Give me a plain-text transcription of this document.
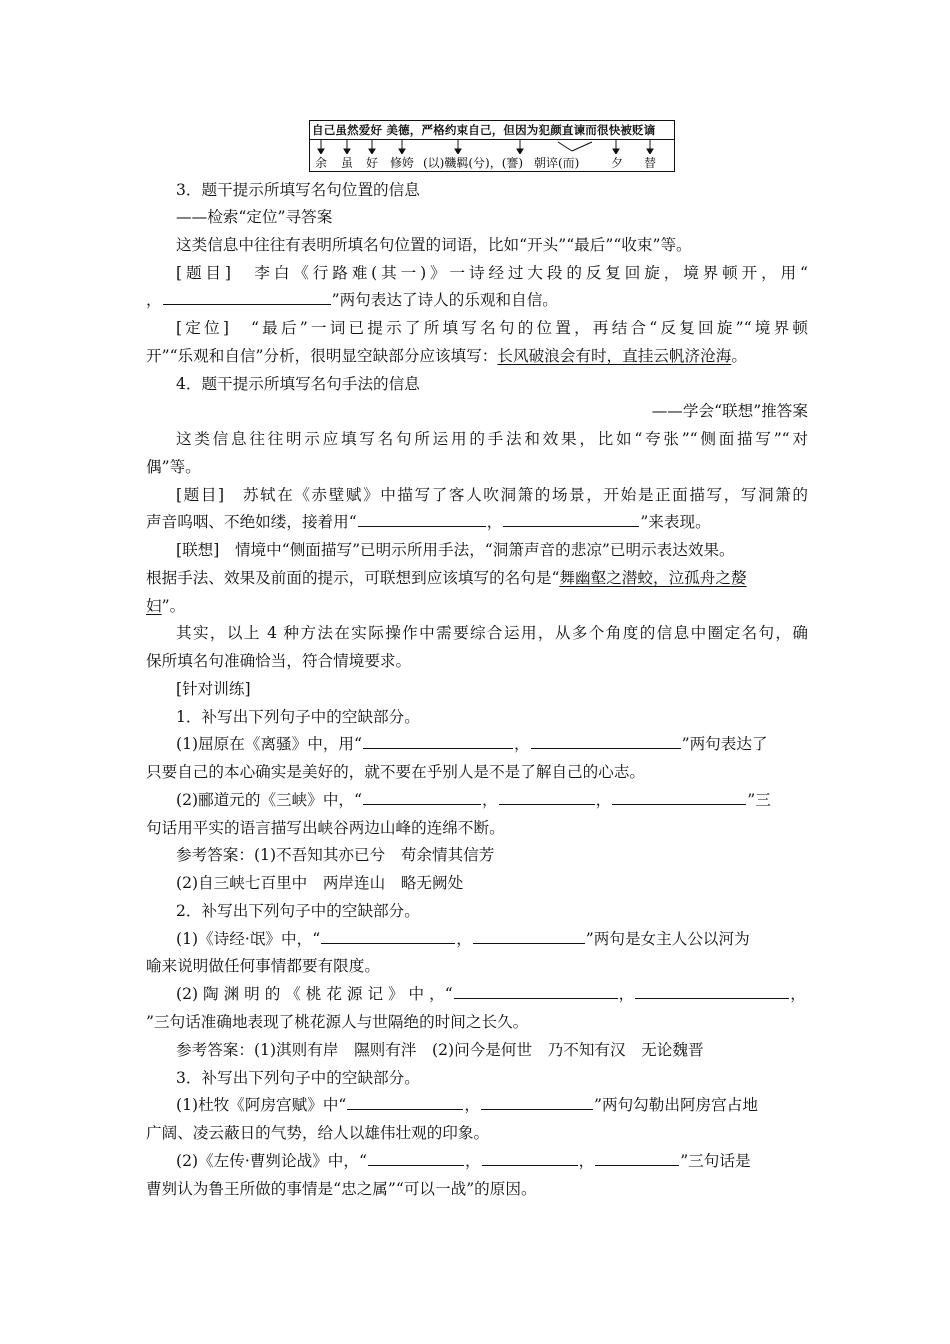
自己虽然爱好 美德，严格约束自己，但因为犯颜直谏而很快被贬谪
余 虽 好 修姱 (以)鞿羁(兮)，(謇) 朝谇(而)	夕 替
3．题干提示所填写名句位置的信息
——检索“定位”寻答案
这类信息中往往有表明所填名句位置的词语，比如“开头”“最后”“收束”等。
[题目]　李白《行路难(其一)》一诗经过大段的反复回旋，境界顿开，用“
，	”两句表达了诗人的乐观和自信。
[定位]　“最后”一词已提示了所填写名句的位置，再结合“反复回旋”“境界顿
开”“乐观和自信”分析，很明显空缺部分应该填写：长风破浪会有时，直挂云帆济沧海。
4．题干提示所填写名句手法的信息
——学会“联想”推答案
这类信息往往明示应填写名句所运用的手法和效果，比如“夸张”“侧面描写”“对
偶”等。
[题目]　苏轼在《赤壁赋》中描写了客人吹洞箫的场景，开始是正面描写，写洞箫的
声音呜咽、不绝如缕，接着用“	，	”来表现。
[联想]　情境中“侧面描写”已明示所用手法，“洞箫声音的悲凉”已明示表达效果。
根据手法、效果及前面的提示，可联想到应该填写的名句是“舞幽壑之潜蛟，泣孤舟之嫠
妇”。
其实，以上 4 种方法在实际操作中需要综合运用，从多个角度的信息中圈定名句，确
保所填名句准确恰当，符合情境要求。
[针对训练]
1．补写出下列句子中的空缺部分。
(1)屈原在《离骚》中，用“	，	”两句表达了
只要自己的本心确实是美好的，就不要在乎别人是不是了解自己的心志。
(2)郦道元的《三峡》中，“	，	，	”三
句话用平实的语言描写出峡谷两边山峰的连绵不断。
参考答案：(1)不吾知其亦已兮　苟余情其信芳
(2)自三峡七百里中　两岸连山　略无阙处
2．补写出下列句子中的空缺部分。
(1)《诗经·氓》中，“	，	”两句是女主人公以河为
喻来说明做任何事情都要有限度。
(2) 陶 渊 明 的 《 桃 花 源 记 》 中 ，“	，	，
”三句话准确地表现了桃花源人与世隔绝的时间之长久。
参考答案：(1)淇则有岸　隰则有泮　(2)问今是何世　乃不知有汉　无论魏晋
3．补写出下列句子中的空缺部分。
(1)杜牧《阿房宫赋》中“	，	”两句勾勒出阿房宫占地
广阔、凌云蔽日的气势，给人以雄伟壮观的印象。
(2)《左传·曹刿论战》中，“	，	，	”三句话是
曹刿认为鲁王所做的事情是“忠之属”“可以一战”的原因。
